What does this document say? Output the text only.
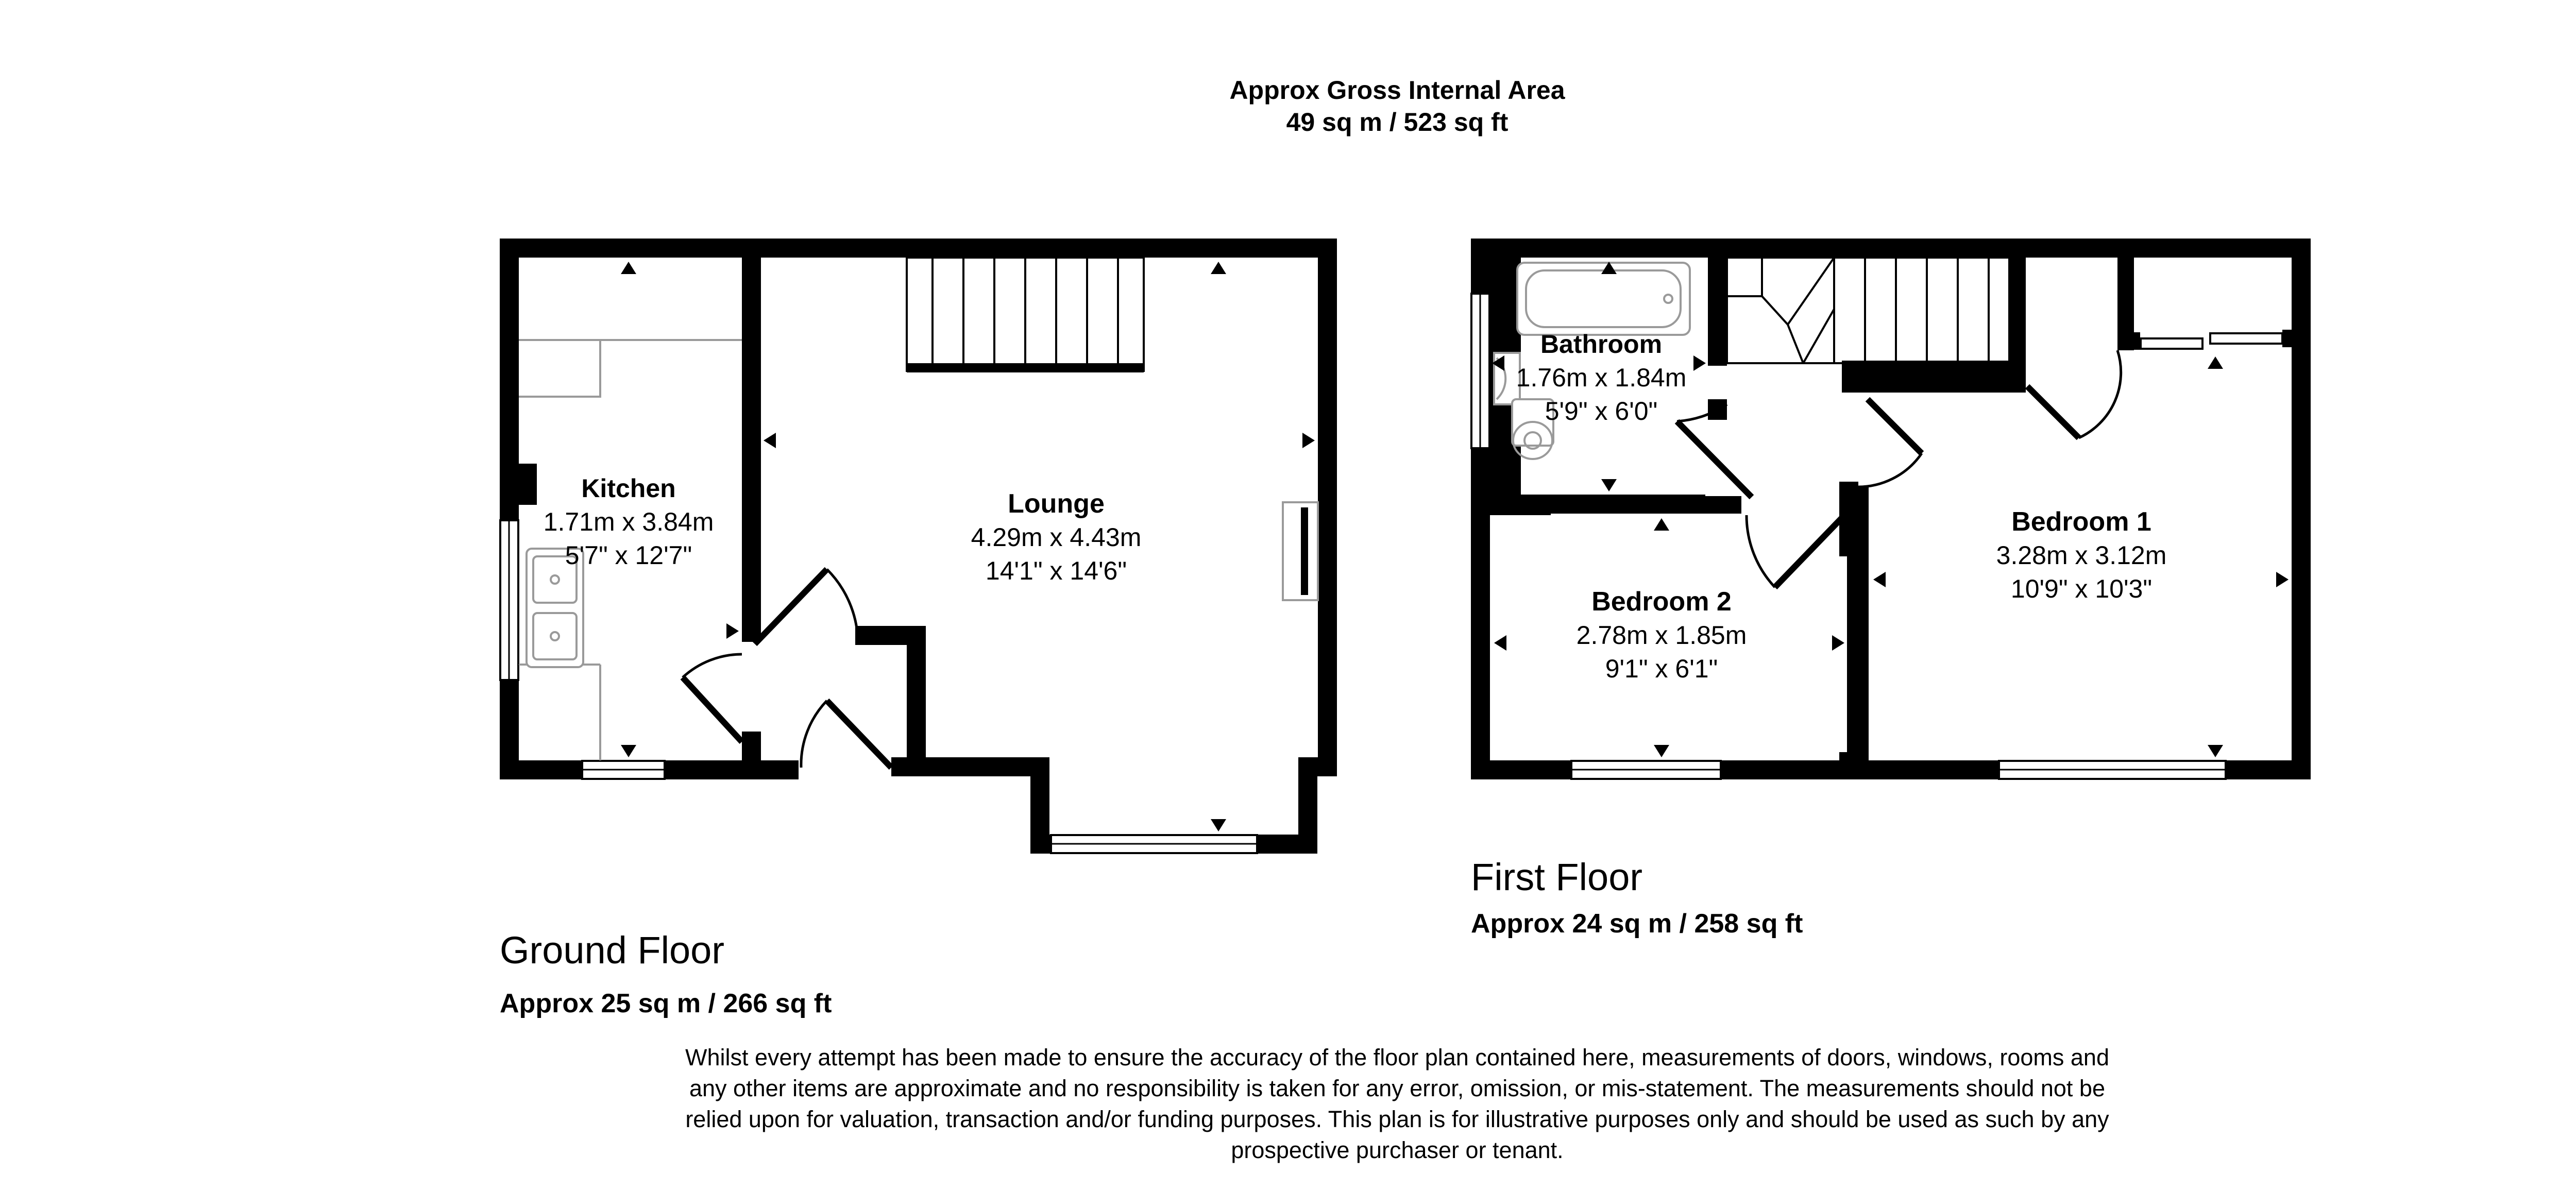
Approx Gross Internal Area
49 sq m / 523 sq ft
Kitchen
1.71m x 3.84m
5'7" x 12'7"
Lounge
4.29m x 4.43m
14'1" x 14'6"
Ground Floor
Approx 25 sq m / 266 sq ft
Bathroom
1.76m x 1.84m
5'9" x 6'0"
Bedroom 1
3.28m x 3.12m
10'9" x 10'3"
Bedroom 2
2.78m x 1.85m
9'1" x 6'1"
First Floor
Approx 24 sq m / 258 sq ft
Whilst every attempt has been made to ensure the accuracy of the floor plan contained here, measurements of doors, windows, rooms and
any other items are approximate and no responsibility is taken for any error, omission, or mis-statement. The measurements should not be
relied upon for valuation, transaction and/or funding purposes. This plan is for illustrative purposes only and should be used as such by any
prospective purchaser or tenant.
